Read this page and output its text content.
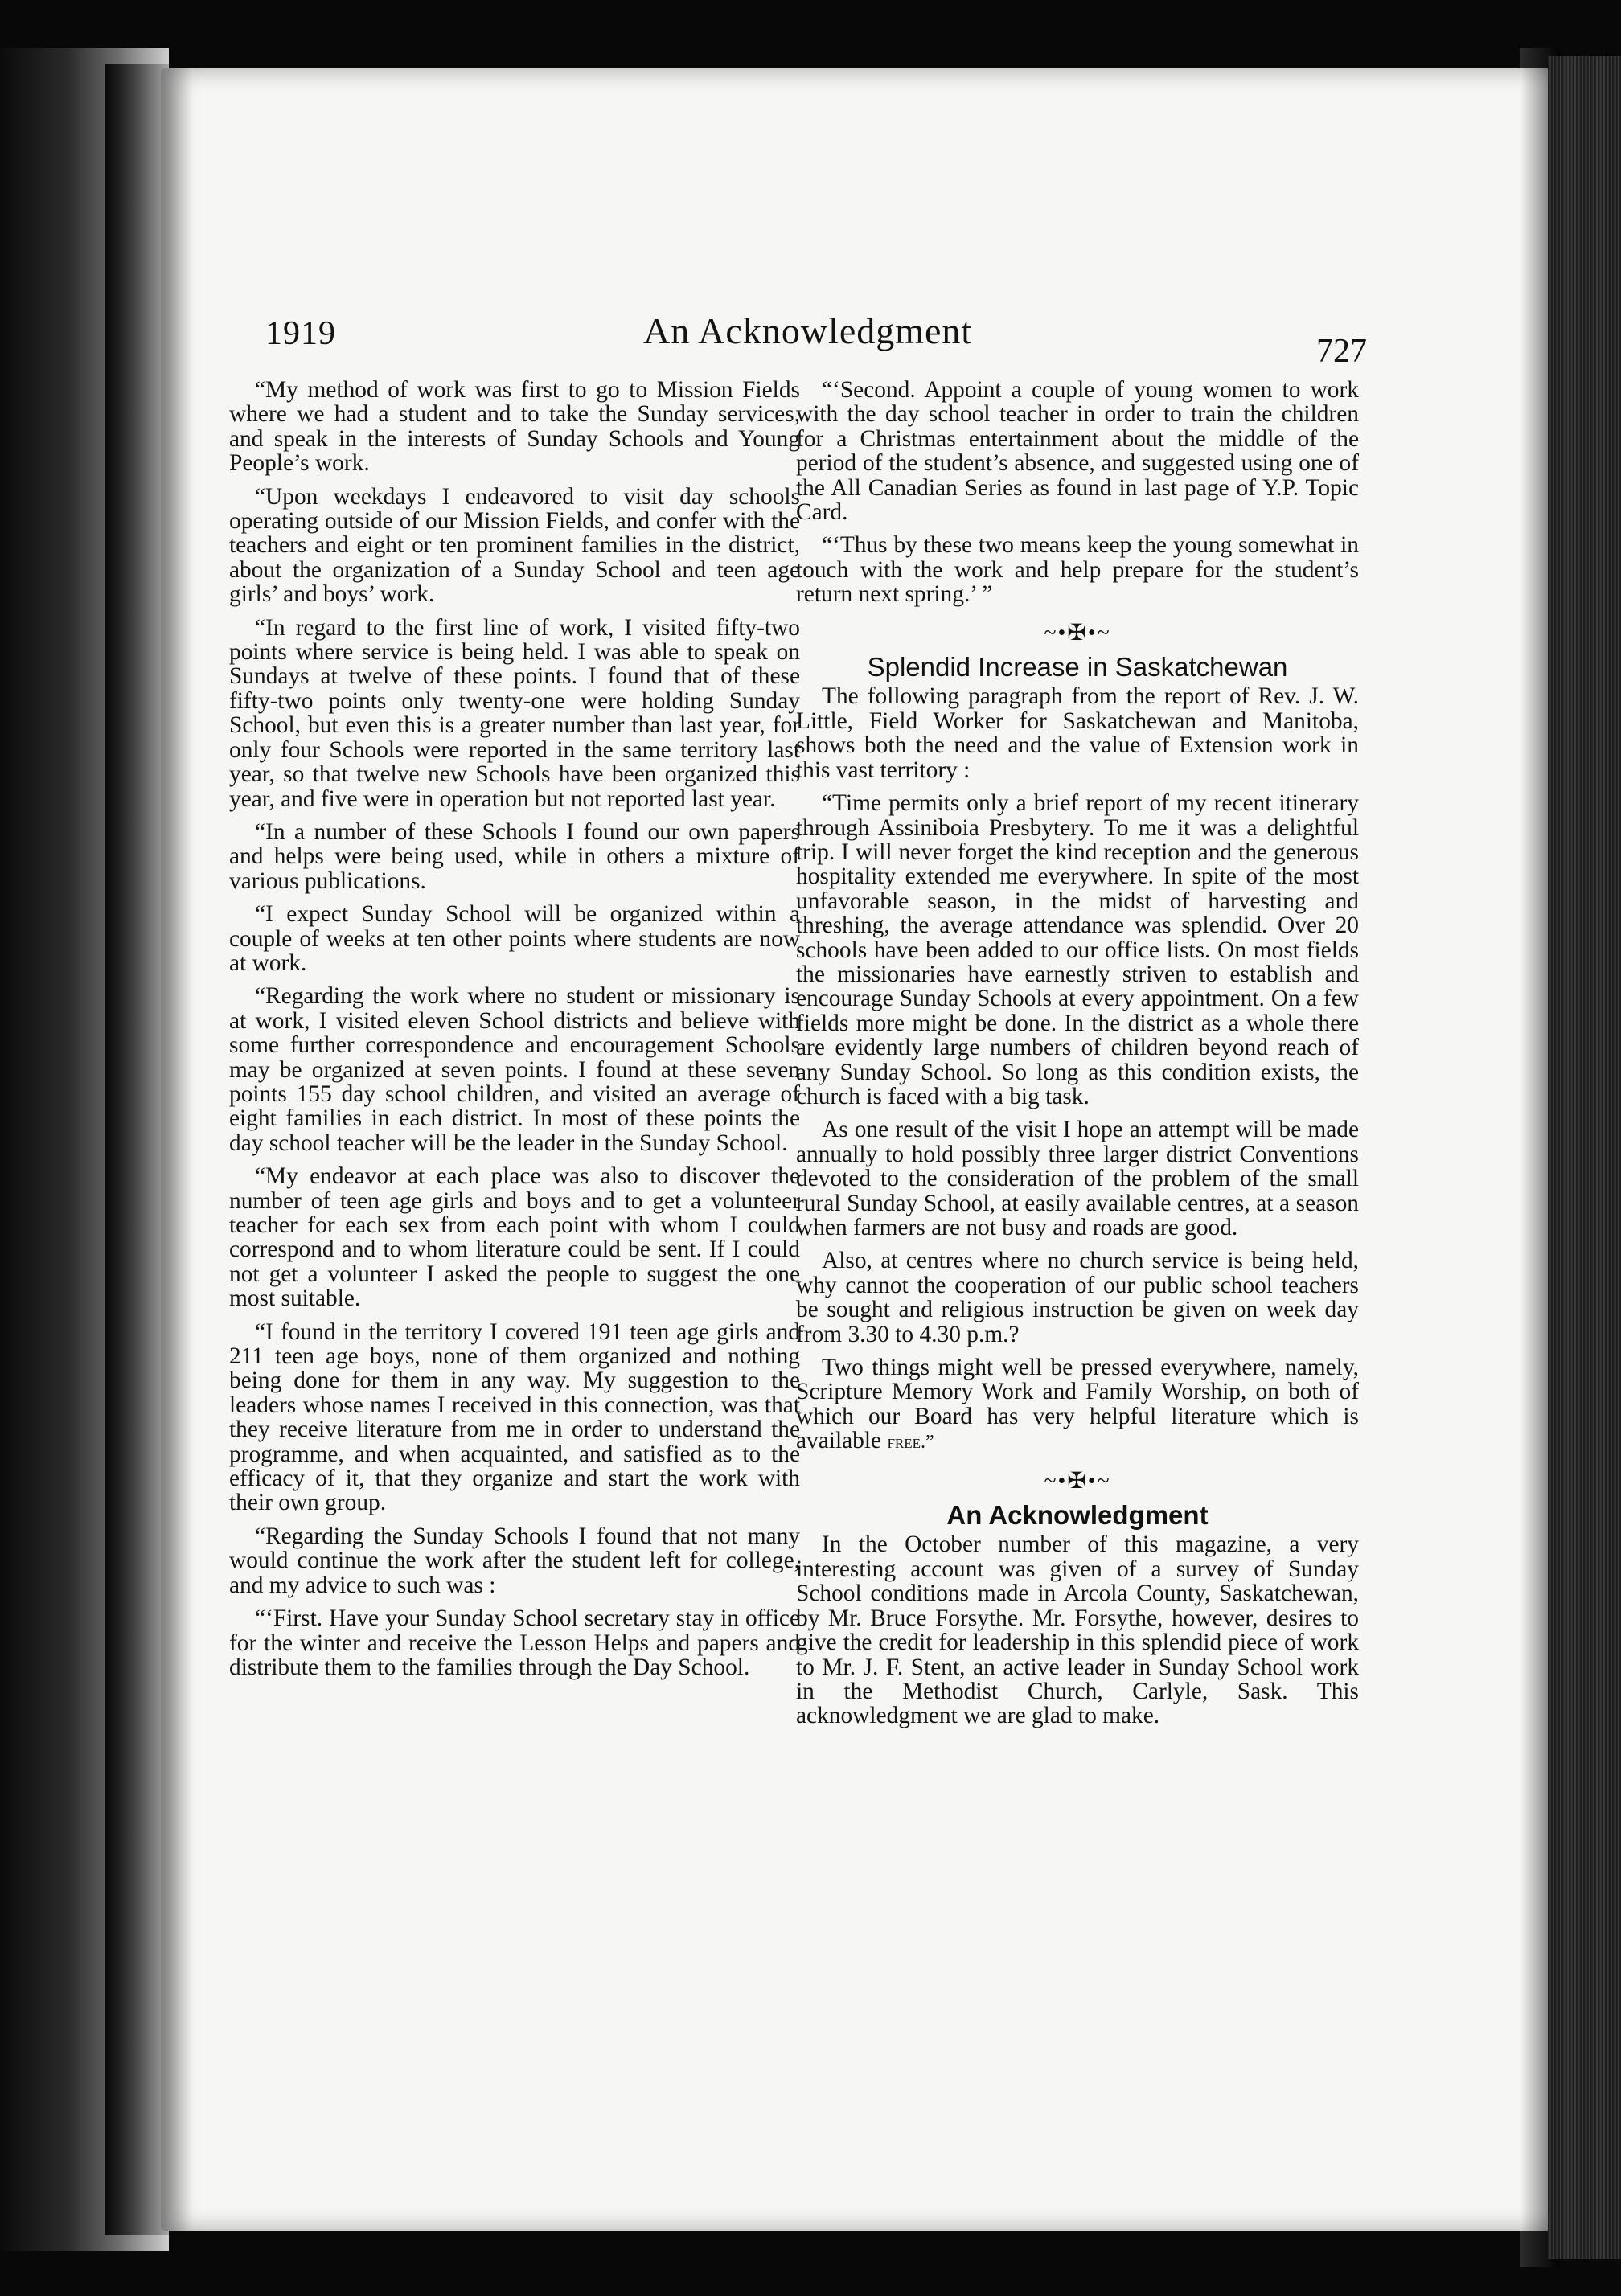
1919	An Acknowledgment	727

“My method of work was first to go to Mission Fields where we had a student and to take the Sunday services, and speak in the interests of Sunday Schools and Young People’s work.

“Upon weekdays I endeavored to visit day schools operating outside of our Mission Fields, and confer with the teachers and eight or ten prominent families in the district, about the organization of a Sunday School and teen age girls’ and boys’ work.

“In regard to the first line of work, I visited fifty-two points where service is being held. I was able to speak on Sundays at twelve of these points. I found that of these fifty-two points only twenty-one were holding Sunday School, but even this is a greater number than last year, for only four Schools were reported in the same territory last year, so that twelve new Schools have been organized this year, and five were in operation but not reported last year.

“In a number of these Schools I found our own papers and helps were being used, while in others a mixture of various publications.

“I expect Sunday School will be organized within a couple of weeks at ten other points where students are now at work.

“Regarding the work where no student or missionary is at work, I visited eleven School districts and believe with some further correspondence and encouragement Schools may be organized at seven points. I found at these seven points 155 day school children, and visited an average of eight families in each district. In most of these points the day school teacher will be the leader in the Sunday School.

“My endeavor at each place was also to discover the number of teen age girls and boys and to get a volunteer teacher for each sex from each point with whom I could correspond and to whom literature could be sent. If I could not get a volunteer I asked the people to suggest the one most suitable.

“I found in the territory I covered 191 teen age girls and 211 teen age boys, none of them organized and nothing being done for them in any way. My suggestion to the leaders whose names I received in this connection, was that they receive literature from me in order to understand the programme, and when acquainted, and satisfied as to the efficacy of it, that they organize and start the work with their own group.

“Regarding the Sunday Schools I found that not many would continue the work after the student left for college, and my advice to such was :

“‘First. Have your Sunday School secretary stay in office for the winter and receive the Lesson Helps and papers and distribute them to the families through the Day School.

“‘Second. Appoint a couple of young women to work with the day school teacher in order to train the children for a Christmas entertainment about the middle of the period of the student’s absence, and suggested using one of the All Canadian Series as found in last page of Y.P. Topic Card.

“‘Thus by these two means keep the young somewhat in touch with the work and help prepare for the student’s return next spring.’ ”

~•✠•~
Splendid Increase in Saskatchewan

The following paragraph from the report of Rev. J. W. Little, Field Worker for Saskatchewan and Manitoba, shows both the need and the value of Extension work in this vast territory :

“Time permits only a brief report of my recent itinerary through Assiniboia Presbytery. To me it was a delightful trip. I will never forget the kind reception and the generous hospitality extended me everywhere. In spite of the most unfavorable season, in the midst of harvesting and threshing, the average attendance was splendid. Over 20 schools have been added to our office lists. On most fields the missionaries have earnestly striven to establish and encourage Sunday Schools at every appointment. On a few fields more might be done. In the district as a whole there are evidently large numbers of children beyond reach of any Sunday School. So long as this condition exists, the church is faced with a big task.

As one result of the visit I hope an attempt will be made annually to hold possibly three larger district Conventions devoted to the consideration of the problem of the small rural Sunday School, at easily available centres, at a season when farmers are not busy and roads are good.

Also, at centres where no church service is being held, why cannot the cooperation of our public school teachers be sought and religious instruction be given on week day from 3.30 to 4.30 p.m.?

Two things might well be pressed everywhere, namely, Scripture Memory Work and Family Worship, on both of which our Board has very helpful literature which is available free.”

~•✠•~
An Acknowledgment

In the October number of this magazine, a very interesting account was given of a survey of Sunday School conditions made in Arcola County, Saskatchewan, by Mr. Bruce Forsythe. Mr. Forsythe, however, desires to give the credit for leadership in this splendid piece of work to Mr. J. F. Stent, an active leader in Sunday School work in the Methodist Church, Carlyle, Sask. This acknowledgment we are glad to make.
